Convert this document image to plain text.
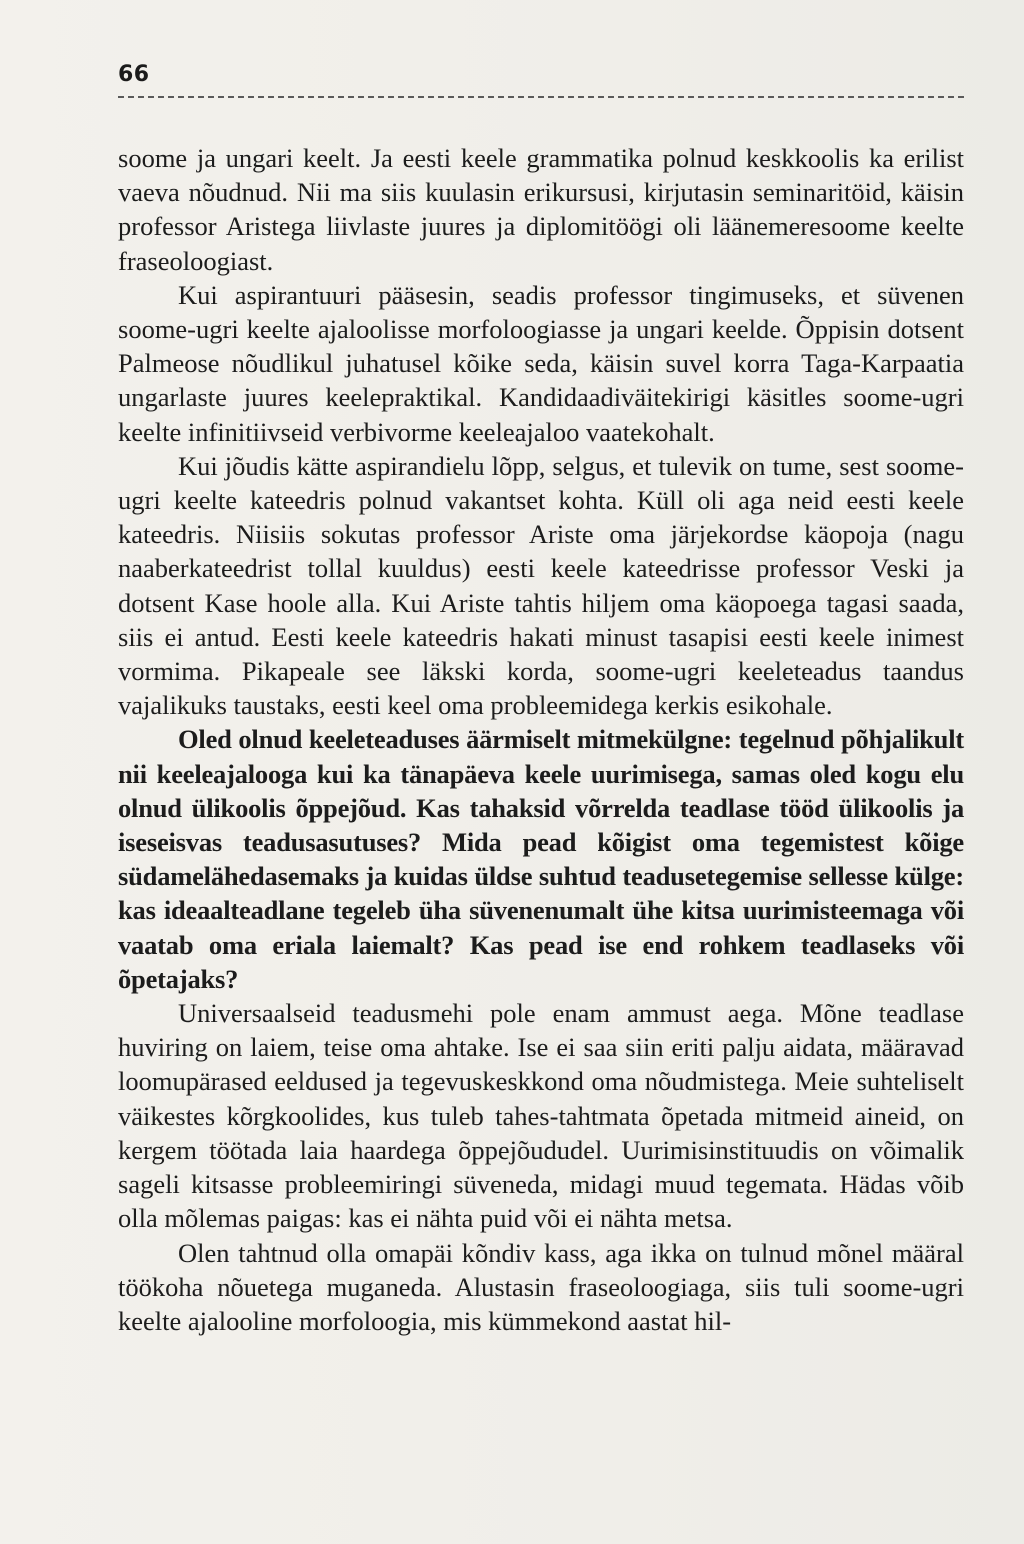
66

soome ja ungari keelt. Ja eesti keele grammatika polnud keskkoolis ka erilist vaeva nõudnud. Nii ma siis kuulasin erikursusi, kirjutasin seminaritöid, käisin professor Aristega liivlaste juures ja diplomitöögi oli läänemeresoome keelte fraseoloogiast.

Kui aspirantuuri pääsesin, seadis professor tingimuseks, et süvenen soome-ugri keelte ajaloolisse morfoloogiasse ja ungari keelde. Õppisin dotsent Palmeose nõudlikul juhatusel kõike seda, käisin suvel korra Taga-Karpaatia ungarlaste juures keelepraktikal. Kandidaadiväitekirigi käsitles soome-ugri keelte infinitiivseid verbivorme keeleajaloo vaatekohalt.

Kui jõudis kätte aspirandielu lõpp, selgus, et tulevik on tume, sest soome-ugri keelte kateedris polnud vakantset kohta. Küll oli aga neid eesti keele kateedris. Niisiis sokutas professor Ariste oma järjekordse käopoja (nagu naaberkateedrist tollal kuuldus) eesti keele kateedrisse professor Veski ja dotsent Kase hoole alla. Kui Ariste tahtis hiljem oma käopoega tagasi saada, siis ei antud. Eesti keele kateedris hakati minust tasapisi eesti keele inimest vormima. Pikapeale see läkski korda, soome-ugri keeleteadus taandus vajalikuks taustaks, eesti keel oma probleemidega kerkis esikohale.

Oled olnud keeleteaduses äärmiselt mitmekülgne: tegelnud põhjalikult nii keeleajalooga kui ka tänapäeva keele uurimisega, samas oled kogu elu olnud ülikoolis õppejõud. Kas tahaksid võrrelda teadlase tööd ülikoolis ja iseseisvas teadusasutuses? Mida pead kõigist oma tegemistest kõige südamelähedasemaks ja kuidas üldse suhtud teadusetegemise sellesse külge: kas ideaalteadlane tegeleb üha süvenenumalt ühe kitsa uurimisteemaga või vaatab oma eriala laiemalt? Kas pead ise end rohkem teadlaseks või õpetajaks?

Universaalseid teadusmehi pole enam ammust aega. Mõne teadlase huviring on laiem, teise oma ahtake. Ise ei saa siin eriti palju aidata, määravad loomupärased eeldused ja tegevuskeskkond oma nõudmistega. Meie suhteliselt väikestes kõrgkoolides, kus tuleb tahes-tahtmata õpetada mitmeid aineid, on kergem töötada laia haardega õppejõududel. Uurimisinstituudis on võimalik sageli kitsasse probleemiringi süveneda, midagi muud tegemata. Hädas võib olla mõlemas paigas: kas ei nähta puid või ei nähta metsa.

Olen tahtnud olla omapäi kõndiv kass, aga ikka on tulnud mõnel määral töökoha nõuetega muganeda. Alustasin fraseoloogiaga, siis tuli soome-ugri keelte ajalooline morfoloogia, mis kümmekond aastat hil-
